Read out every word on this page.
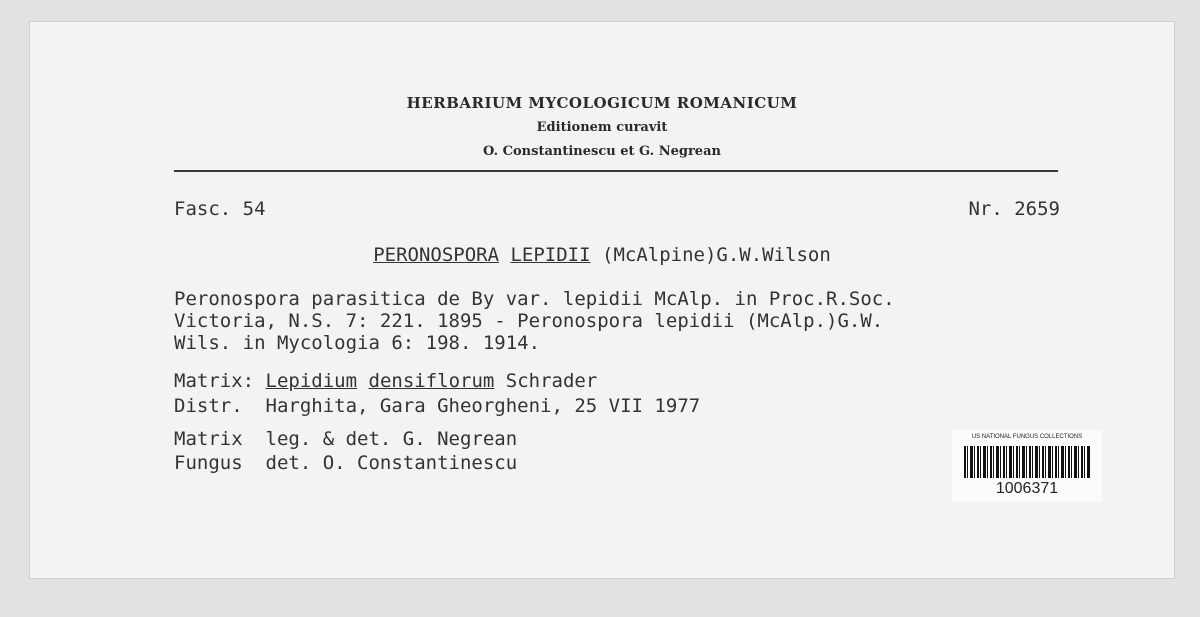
HERBARIUM MYCOLOGICUM ROMANICUM
Editionem curavit
O. Constantinescu et G. Negrean
Fasc. 54	Nr. 2659
PERONOSPORA LEPIDII (McAlpine)G.W.Wilson
Peronospora parasitica de By var. lepidii McAlp. in Proc.R.Soc.
Victoria, N.S. 7: 221. 1895 - Peronospora lepidii (McAlp.)G.W.
Wils. in Mycologia 6: 198. 1914.
Matrix: Lepidium densiflorum Schrader
Distr.  Harghita, Gara Gheorgheni, 25 VII 1977
Matrix  leg. & det. G. Negrean
Fungus  det. O. Constantinescu
US NATIONAL FUNGUS COLLECTIONS
1006371
